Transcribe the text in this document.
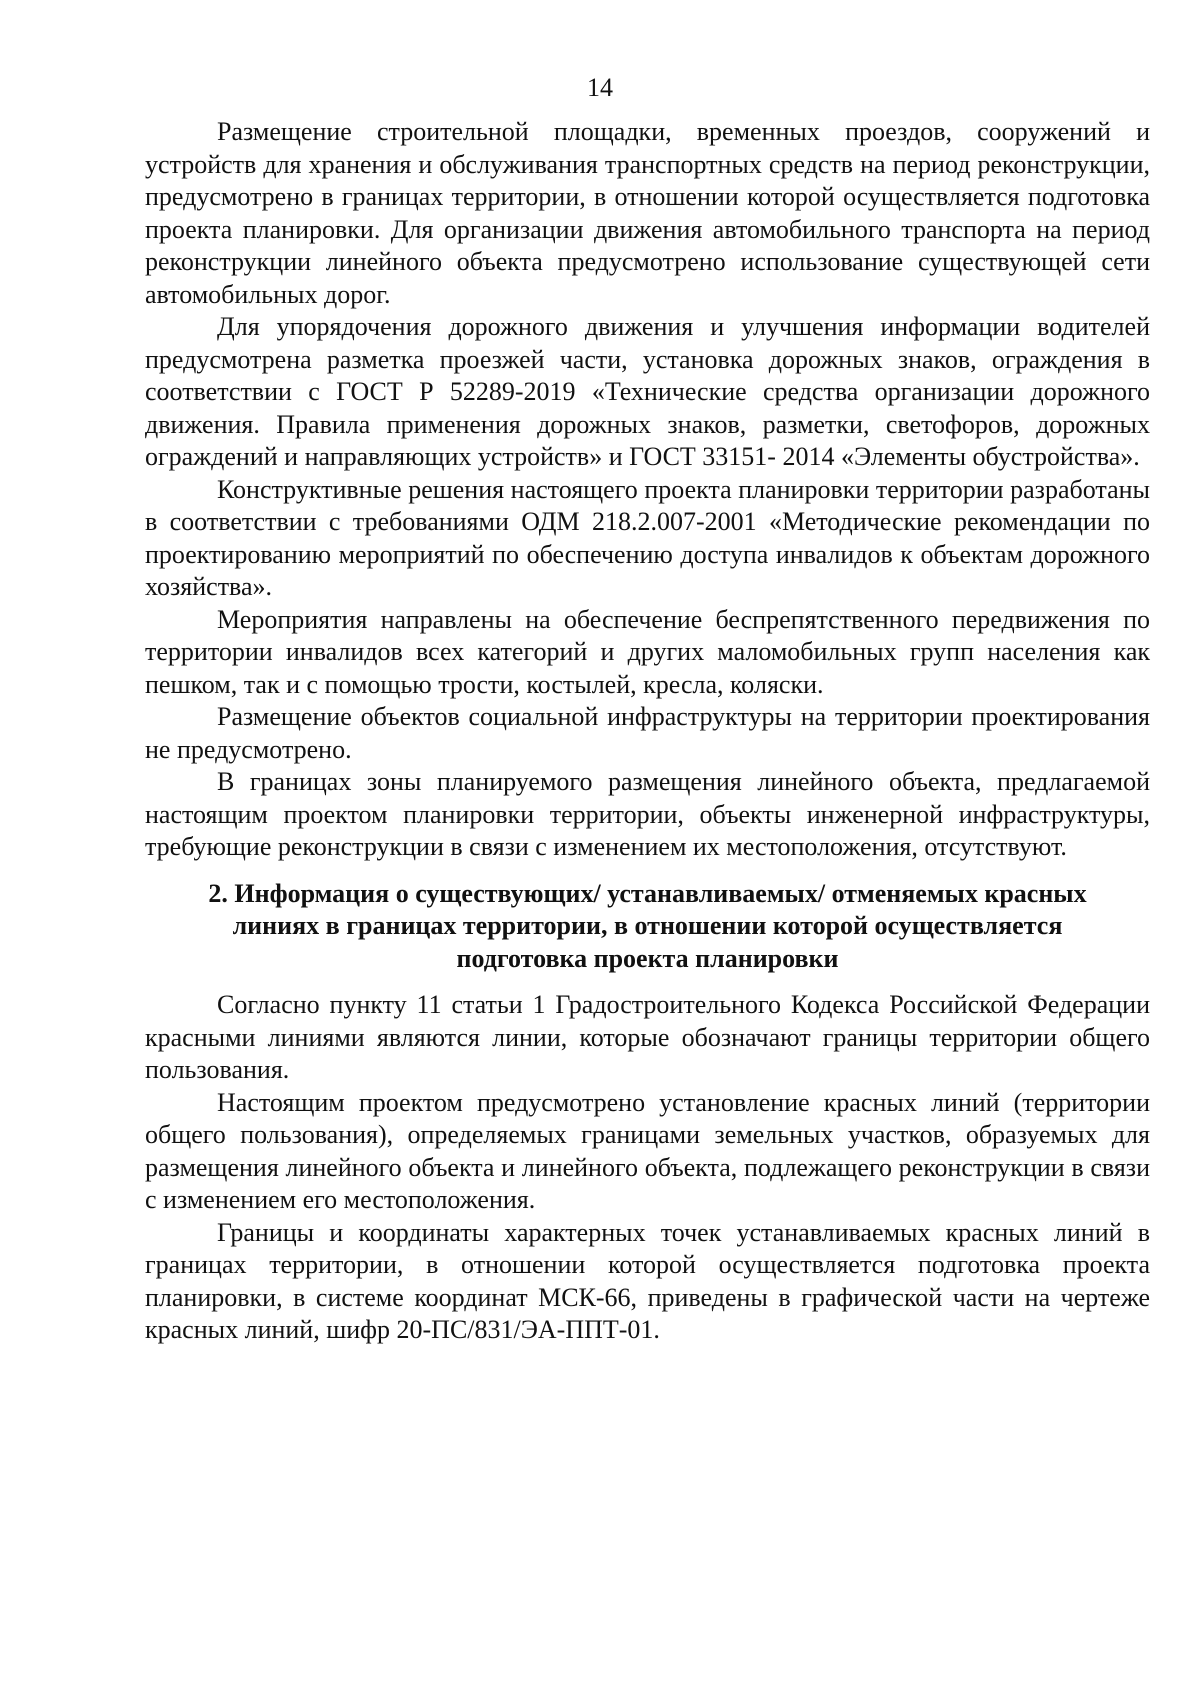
14

Размещение строительной площадки, временных проездов, сооружений и устройств для хранения и обслуживания транспортных средств на период реконструкции, предусмотрено в границах территории, в отношении которой осуществляется подготовка проекта планировки. Для организации движения автомобильного транспорта на период реконструкции линейного объекта предусмотрено использование существующей сети автомобильных дорог.

Для упорядочения дорожного движения и улучшения информации водителей предусмотрена разметка проезжей части, установка дорожных знаков, ограждения в соответствии с ГОСТ Р 52289-2019 «Технические средства организации дорожного движения. Правила применения дорожных знаков, разметки, светофоров, дорожных ограждений и направляющих устройств» и ГОСТ 33151- 2014 «Элементы обустройства».

Конструктивные решения настоящего проекта планировки территории разработаны в соответствии с требованиями ОДМ 218.2.007-2001 «Методические рекомендации по проектированию мероприятий по обеспечению доступа инвалидов к объектам дорожного хозяйства».

Мероприятия направлены на обеспечение беспрепятственного передвижения по территории инвалидов всех категорий и других маломобильных групп населения как пешком, так и с помощью трости, костылей, кресла, коляски.

Размещение объектов социальной инфраструктуры на территории проектирования не предусмотрено.

В границах зоны планируемого размещения линейного объекта, предлагаемой настоящим проектом планировки территории, объекты инженерной инфраструктуры, требующие реконструкции в связи с изменением их местоположения, отсутствуют.

2. Информация о существующих/ устанавливаемых/ отменяемых красных линиях в границах территории, в отношении которой осуществляется подготовка проекта планировки

Согласно пункту 11 статьи 1 Градостроительного Кодекса Российской Федерации красными линиями являются линии, которые обозначают границы территории общего пользования.

Настоящим проектом предусмотрено установление красных линий (территории общего пользования), определяемых границами земельных участков, образуемых для размещения линейного объекта и линейного объекта, подлежащего реконструкции в связи с изменением его местоположения.

Границы и координаты характерных точек устанавливаемых красных линий в границах территории, в отношении которой осуществляется подготовка проекта планировки, в системе координат МСК-66, приведены в графической части на чертеже красных линий, шифр 20-ПС/831/ЭА-ППТ-01.
